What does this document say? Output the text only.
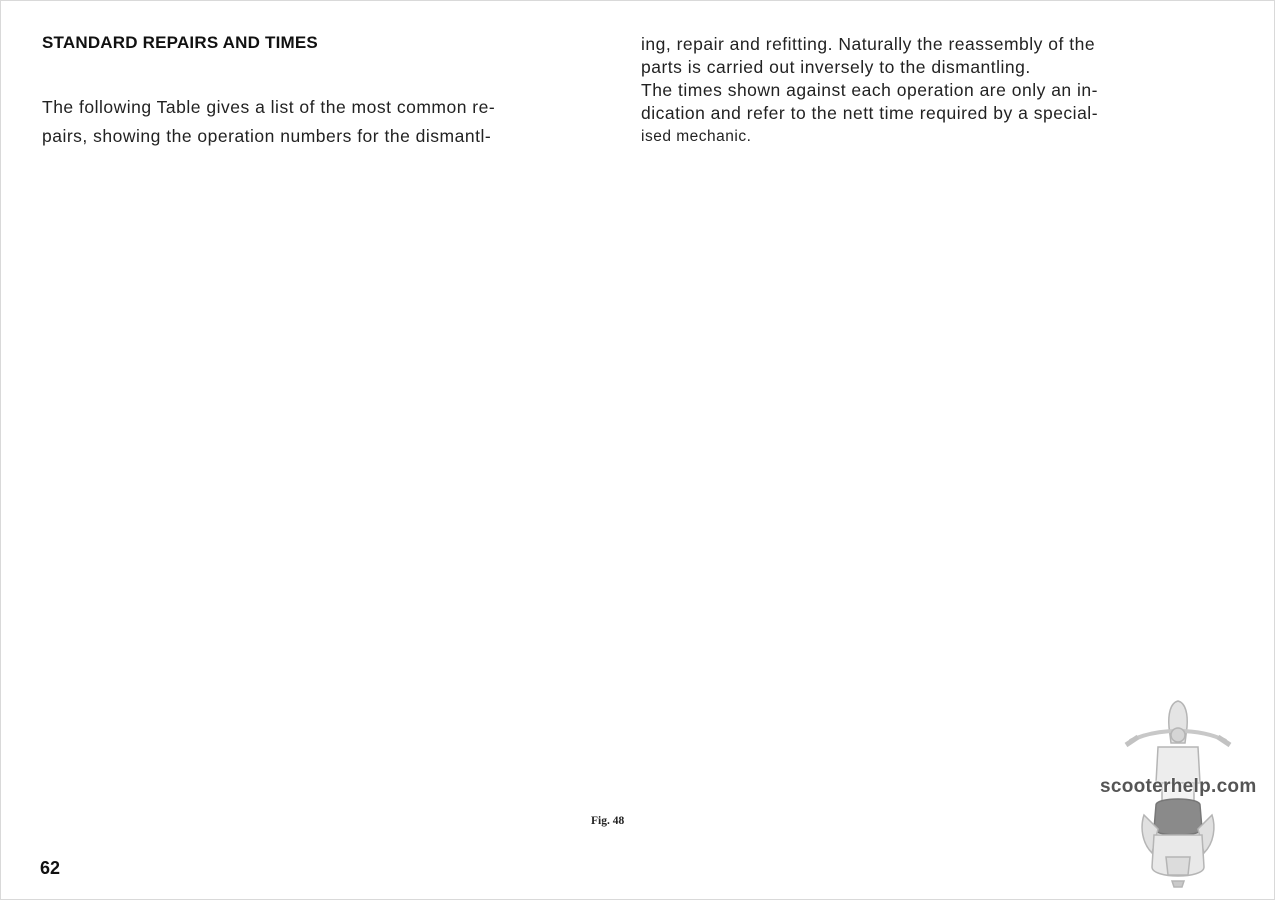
STANDARD REPAIRS AND TIMES
The following Table gives a list of the most common re-
pairs, showing the operation numbers for the dismantl-
ing, repair and refitting. Naturally the reassembly of the
parts is carried out inversely to the dismantling.
The times shown against each operation are only an in-
dication and refer to the nett time required by a special-
ised mechanic.
Fig. 48
62
scooterhelp.com
